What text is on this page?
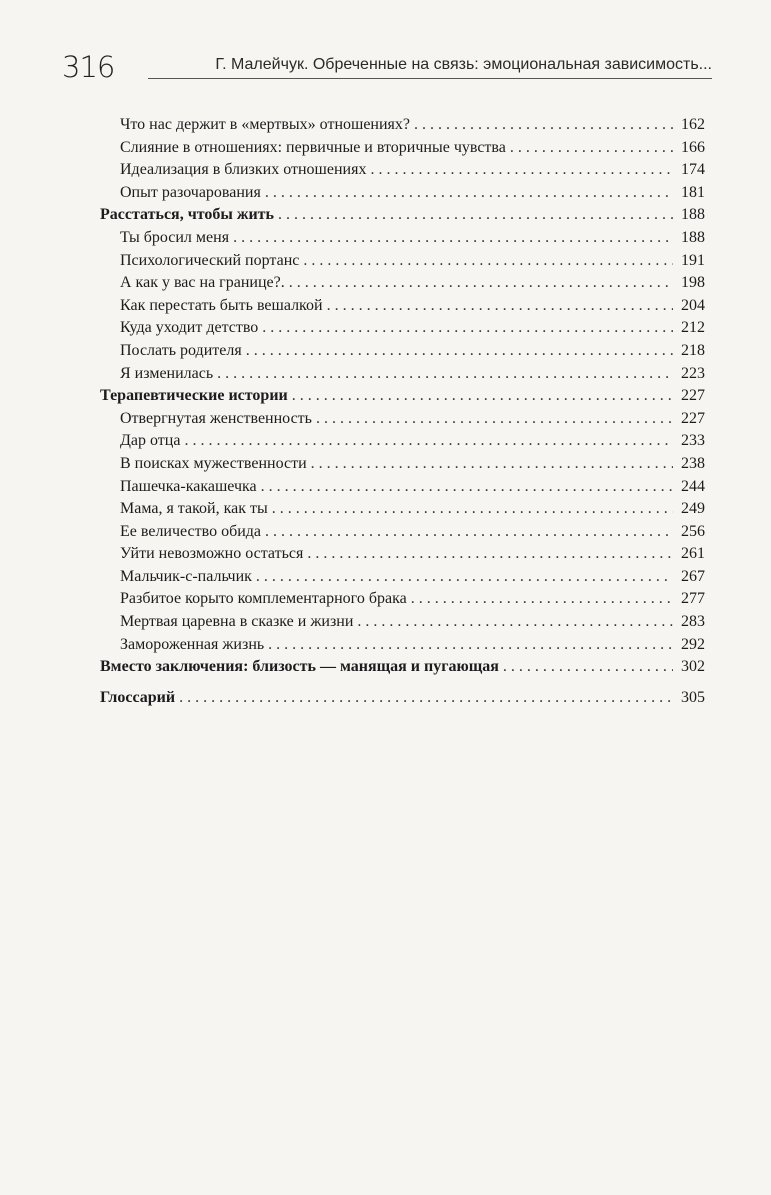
316	Г. Малейчук. Обреченные на связь: эмоциональная зависимость...
Что нас держит в «мертвых» отношениях? . . .	162
Слияние в отношениях: первичные и вторичные чувства . . .	166
Идеализация в близких отношениях . . .	174
Опыт разочарования . . .	181
Расстаться, чтобы жить . . .	188
Ты бросил меня . . .	188
Психологический портанс . . .	191
А как у вас на границе?. . . .	198
Как перестать быть вешалкой . . .	204
Куда уходит детство . . .	212
Послать родителя . . .	218
Я изменилась . . .	223
Терапевтические истории . . .	227
Отвергнутая женственность . . .	227
Дар отца . . .	233
В поисках мужественности . . .	238
Пашечка-какашечка . . .	244
Мама, я такой, как ты . . .	249
Ее величество обида . . .	256
Уйти невозможно остаться . . .	261
Мальчик-с-пальчик . . .	267
Разбитое корыто комплементарного брака . . .	277
Мертвая царевна в сказке и жизни . . .	283
Замороженная жизнь . . .	292
Вместо заключения: близость — манящая и пугающая . . .	302
Глоссарий . . .	305
